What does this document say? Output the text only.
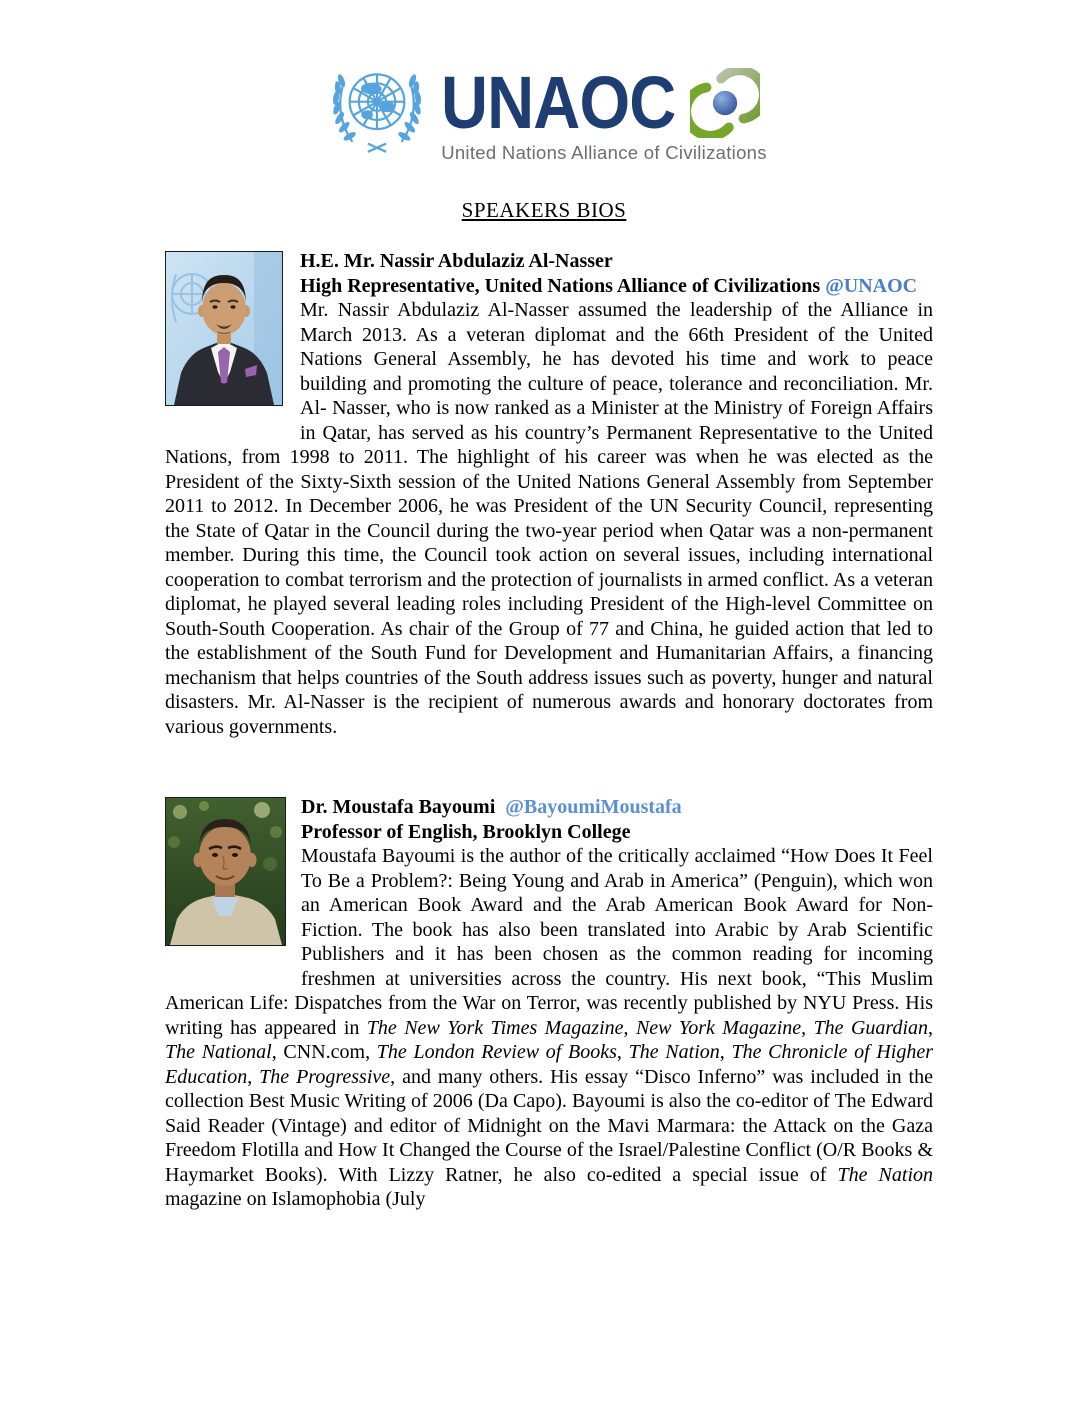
UNAOC
United Nations Alliance of Civilizations
SPEAKERS BIOS
H.E. Mr. Nassir Abdulaziz Al-Nasser
High Representative, United Nations Alliance of Civilizations @UNAOC

Mr. Nassir Abdulaziz Al-Nasser assumed the leadership of the Alliance in March 2013. As a veteran diplomat and the 66th President of the United Nations General Assembly, he has devoted his time and work to peace building and promoting the culture of peace, tolerance and reconciliation. Mr. Al- Nasser, who is now ranked as a Minister at the Ministry of Foreign Affairs in Qatar, has served as his country’s Permanent Representative to the United Nations, from 1998 to 2011. The highlight of his career was when he was elected as the President of the Sixty-Sixth session of the United Nations General Assembly from September 2011 to 2012. In December 2006, he was President of the UN Security Council, representing the State of Qatar in the Council during the two-year period when Qatar was a non-permanent member. During this time, the Council took action on several issues, including international cooperation to combat terrorism and the protection of journalists in armed conflict. As a veteran diplomat, he played several leading roles including President of the High-level Committee on South-South Cooperation. As chair of the Group of 77 and China, he guided action that led to the establishment of the South Fund for Development and Humanitarian Affairs, a financing mechanism that helps countries of the South address issues such as poverty, hunger and natural disasters. Mr. Al-Nasser is the recipient of numerous awards and honorary doctorates from various governments.

Dr. Moustafa Bayoumi  @BayoumiMoustafa
Professor of English, Brooklyn College

Moustafa Bayoumi is the author of the critically acclaimed “How Does It Feel To Be a Problem?: Being Young and Arab in America” (Penguin), which won an American Book Award and the Arab American Book Award for Non-Fiction. The book has also been translated into Arabic by Arab Scientific Publishers and it has been chosen as the common reading for incoming freshmen at universities across the country. His next book, “This Muslim American Life: Dispatches from the War on Terror, was recently published by NYU Press. His writing has appeared in The New York Times Magazine, New York Magazine, The Guardian, The National, CNN.com, The London Review of Books, The Nation, The Chronicle of Higher Education, The Progressive, and many others. His essay “Disco Inferno” was included in the collection Best Music Writing of 2006 (Da Capo). Bayoumi is also the co-editor of The Edward Said Reader (Vintage) and editor of Midnight on the Mavi Marmara: the Attack on the Gaza Freedom Flotilla and How It Changed the Course of the Israel/Palestine Conflict (O/R Books & Haymarket Books). With Lizzy Ratner, he also co-edited a special issue of The Nation magazine on Islamophobia (July
